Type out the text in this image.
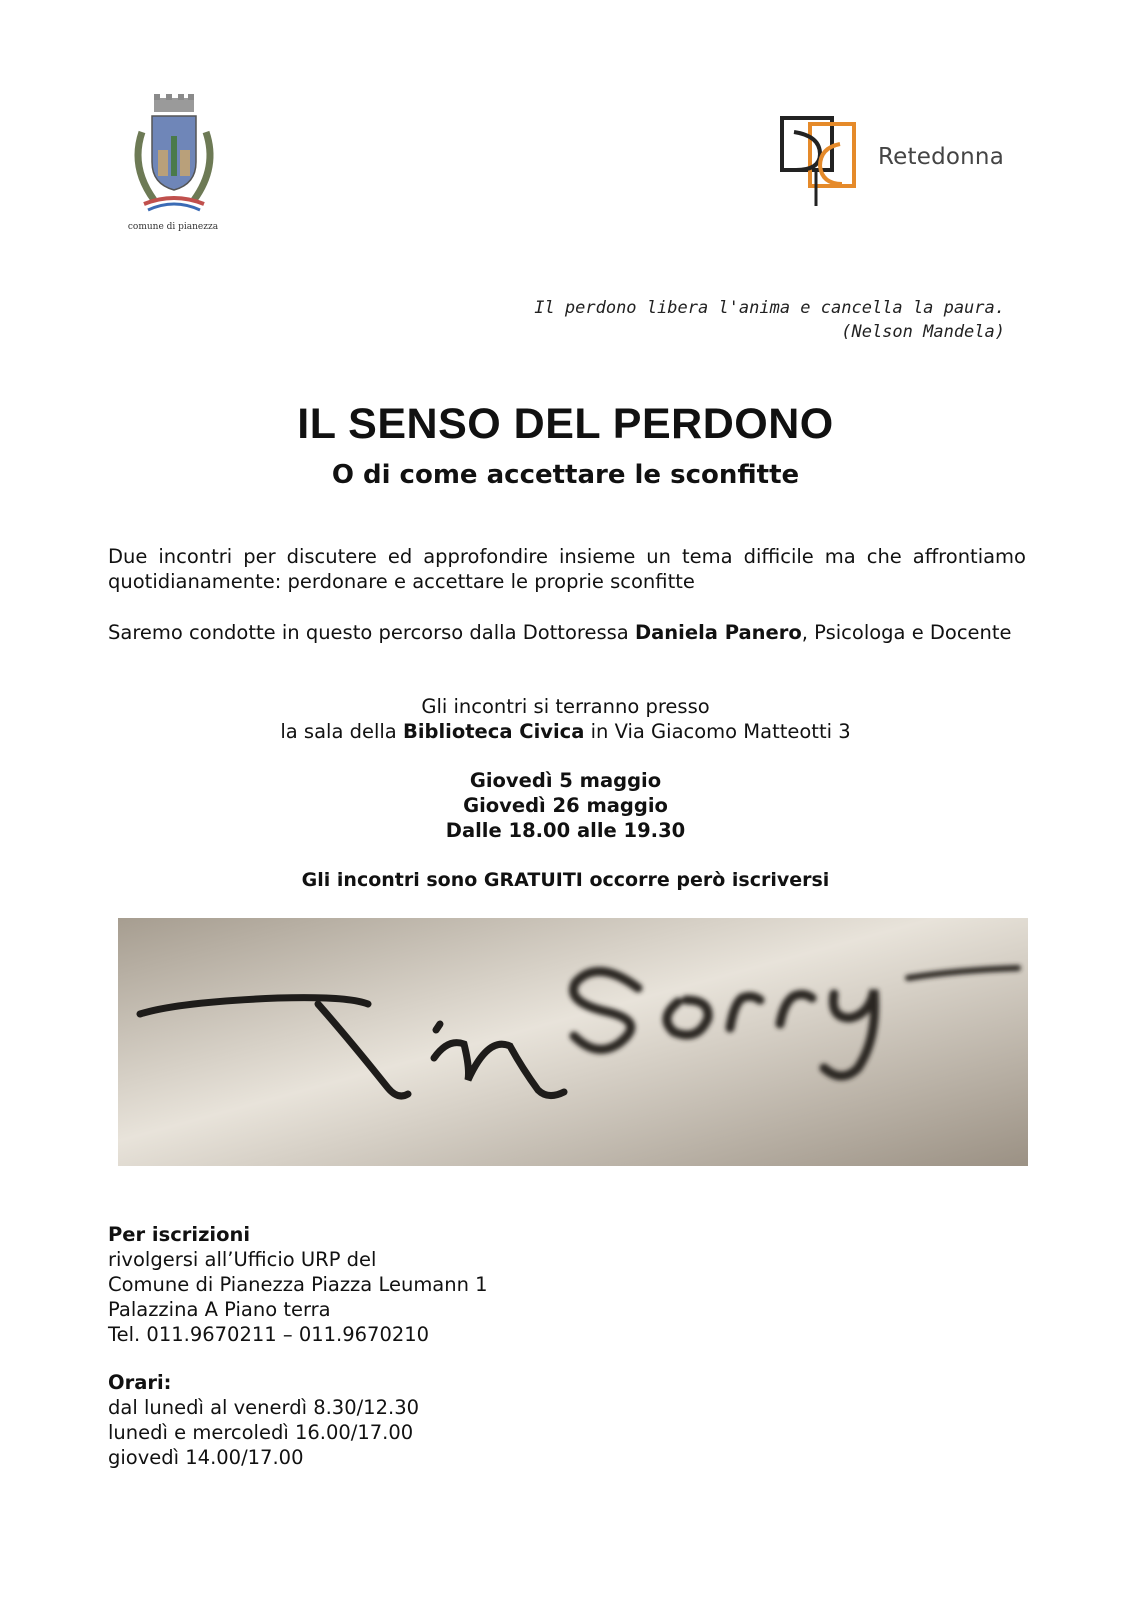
comune di pianezza
Retedonna
Il perdono libera l'anima e cancella la paura.
(Nelson Mandela)
IL SENSO DEL PERDONO
O di come accettare le sconfitte
Due incontri per discutere ed approfondire insieme un tema difficile ma che affrontiamo quotidianamente: perdonare e accettare le proprie sconfitte
Saremo condotte in questo percorso dalla Dottoressa Daniela Panero, Psicologa e Docente
Gli incontri si terranno presso
la sala della Biblioteca Civica in Via Giacomo Matteotti 3
Giovedì 5 maggio
Giovedì 26 maggio
Dalle 18.00 alle 19.30
Gli incontri sono GRATUITI occorre però iscriversi
Per iscrizioni
rivolgersi all’Ufficio URP del
Comune di Pianezza Piazza Leumann 1
Palazzina A Piano terra
Tel. 011.9670211 – 011.9670210
Orari:
dal lunedì al venerdì 8.30/12.30
lunedì e mercoledì 16.00/17.00
giovedì 14.00/17.00
